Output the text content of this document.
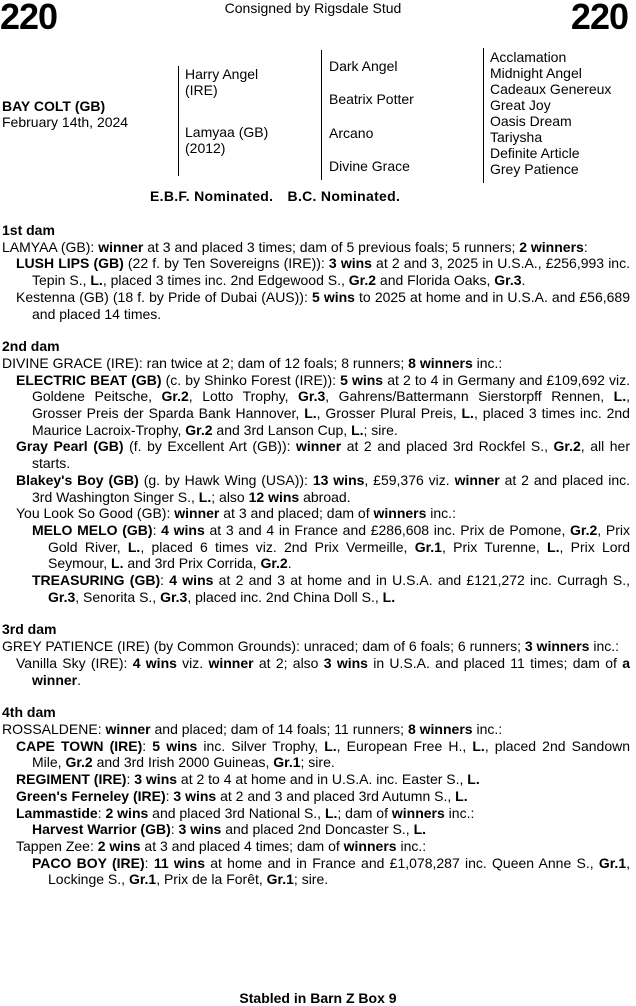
220	Consigned by Rigsdale Stud	220
BAY COLT (GB)
February 14th, 2024
Harry Angel
(IRE)
Lamyaa (GB)
(2012)
Dark Angel
Beatrix Potter
Arcano
Divine Grace
Acclamation
Midnight Angel
Cadeaux Genereux
Great Joy
Oasis Dream
Tariysha
Definite Article
Grey Patience
E.B.F. Nominated. B.C. Nominated.
1st dam
LAMYAA (GB): winner at 3 and placed 3 times; dam of 5 previous foals; 5 runners; 2 winners:
LUSH LIPS (GB) (22 f. by Ten Sovereigns (IRE)): 3 wins at 2 and 3, 2025 in U.S.A., £256,993 inc. Tepin S., L., placed 3 times inc. 2nd Edgewood S., Gr.2 and Florida Oaks, Gr.3.
Kestenna (GB) (18 f. by Pride of Dubai (AUS)): 5 wins to 2025 at home and in U.S.A. and £56,689 and placed 14 times.
2nd dam
DIVINE GRACE (IRE): ran twice at 2; dam of 12 foals; 8 runners; 8 winners inc.:
ELECTRIC BEAT (GB) (c. by Shinko Forest (IRE)): 5 wins at 2 to 4 in Germany and £109,692 viz. Goldene Peitsche, Gr.2, Lotto Trophy, Gr.3, Gahrens/Battermann Sierstorpff Rennen, L., Grosser Preis der Sparda Bank Hannover, L., Grosser Plural Preis, L., placed 3 times inc. 2nd Maurice Lacroix-Trophy, Gr.2 and 3rd Lanson Cup, L.; sire.
Gray Pearl (GB) (f. by Excellent Art (GB)): winner at 2 and placed 3rd Rockfel S., Gr.2, all her starts.
Blakey's Boy (GB) (g. by Hawk Wing (USA)): 13 wins, £59,376 viz. winner at 2 and placed inc. 3rd Washington Singer S., L.; also 12 wins abroad.
You Look So Good (GB): winner at 3 and placed; dam of winners inc.:
MELO MELO (GB): 4 wins at 3 and 4 in France and £286,608 inc. Prix de Pomone, Gr.2, Prix Gold River, L., placed 6 times viz. 2nd Prix Vermeille, Gr.1, Prix Turenne, L., Prix Lord Seymour, L. and 3rd Prix Corrida, Gr.2.
TREASURING (GB): 4 wins at 2 and 3 at home and in U.S.A. and £121,272 inc. Curragh S., Gr.3, Senorita S., Gr.3, placed inc. 2nd China Doll S., L.
3rd dam
GREY PATIENCE (IRE) (by Common Grounds): unraced; dam of 6 foals; 6 runners; 3 winners inc.:
Vanilla Sky (IRE): 4 wins viz. winner at 2; also 3 wins in U.S.A. and placed 11 times; dam of a winner.
4th dam
ROSSALDENE: winner and placed; dam of 14 foals; 11 runners; 8 winners inc.:
CAPE TOWN (IRE): 5 wins inc. Silver Trophy, L., European Free H., L., placed 2nd Sandown Mile, Gr.2 and 3rd Irish 2000 Guineas, Gr.1; sire.
REGIMENT (IRE): 3 wins at 2 to 4 at home and in U.S.A. inc. Easter S., L.
Green's Ferneley (IRE): 3 wins at 2 and 3 and placed 3rd Autumn S., L.
Lammastide: 2 wins and placed 3rd National S., L.; dam of winners inc.:
Harvest Warrior (GB): 3 wins and placed 2nd Doncaster S., L.
Tappen Zee: 2 wins at 3 and placed 4 times; dam of winners inc.:
PACO BOY (IRE): 11 wins at home and in France and £1,078,287 inc. Queen Anne S., Gr.1, Lockinge S., Gr.1, Prix de la Forêt, Gr.1; sire.
Stabled in Barn Z Box 9
